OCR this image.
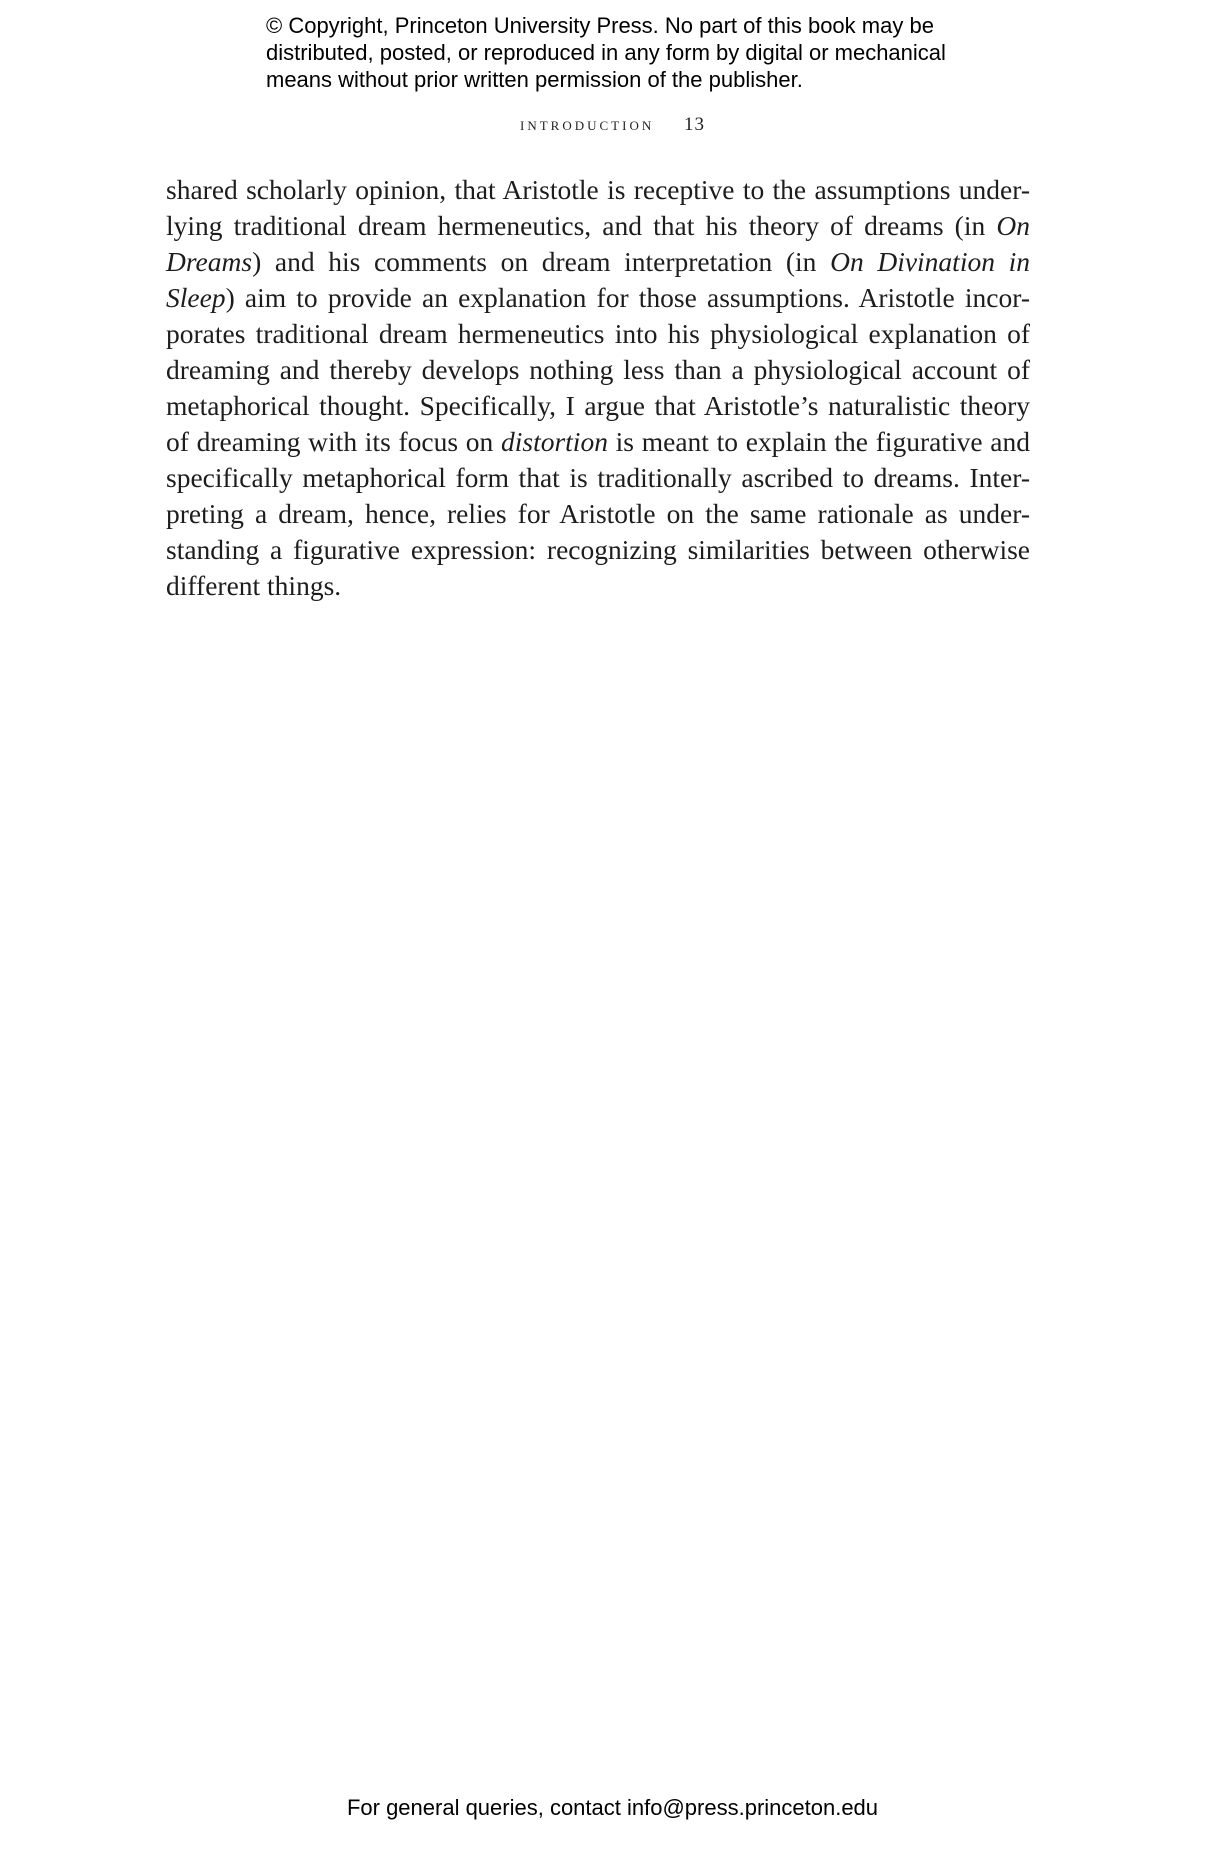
© Copyright, Princeton University Press. No part of this book may be
distributed, posted, or reproduced in any form by digital or mechanical
means without prior written permission of the publisher.
introduction 13
shared scholarly opinion, that Aristotle is receptive to the assumptions under-
lying traditional dream hermeneutics, and that his theory of dreams (in On
Dreams) and his comments on dream interpretation (in On Divination in
Sleep) aim to provide an explanation for those assumptions. Aristotle incor-
porates traditional dream hermeneutics into his physiological explanation of
dreaming and thereby develops nothing less than a physiological account of
metaphorical thought. Specifically, I argue that Aristotle’s naturalistic theory
of dreaming with its focus on distortion is meant to explain the figurative and
specifically metaphorical form that is traditionally ascribed to dreams. Inter-
preting a dream, hence, relies for Aristotle on the same rationale as under-
standing a figurative expression: recognizing similarities between otherwise
different things.
For general queries, contact info@press.princeton.edu
